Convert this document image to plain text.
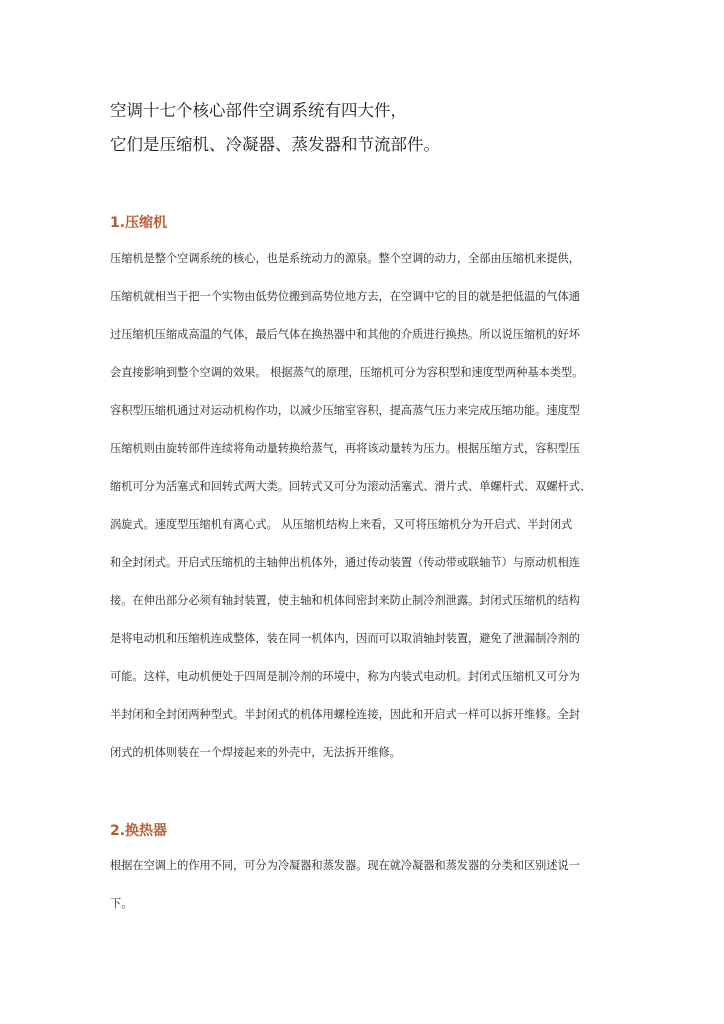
空调十七个核心部件空调系统有四大件，
它们是压缩机、冷凝器、蒸发器和节流部件。
1.压缩机
压缩机是整个空调系统的核心，也是系统动力的源泉。整个空调的动力，全部由压缩机来提供，
压缩机就相当于把一个实物由低势位搬到高势位地方去，在空调中它的目的就是把低温的气体通
过压缩机压缩成高温的气体，最后气体在换热器中和其他的介质进行换热。所以说压缩机的好坏
会直接影响到整个空调的效果。 根据蒸气的原理，压缩机可分为容积型和速度型两种基本类型。
容积型压缩机通过对运动机构作功，以减少压缩室容积，提高蒸气压力来完成压缩功能。速度型
压缩机则由旋转部件连续将角动量转换给蒸气，再将该动量转为压力。根据压缩方式，容积型压
缩机可分为活塞式和回转式两大类。回转式又可分为滚动活塞式、滑片式、单螺杆式、双螺杆式、
涡旋式。速度型压缩机有离心式。 从压缩机结构上来看，又可将压缩机分为开启式、半封闭式
和全封闭式。开启式压缩机的主轴伸出机体外，通过传动装置（传动带或联轴节）与原动机相连
接。在伸出部分必须有轴封装置，使主轴和机体间密封来防止制冷剂泄露。封闭式压缩机的结构
是将电动机和压缩机连成整体，装在同一机体内，因而可以取消轴封装置，避免了泄漏制冷剂的
可能。这样，电动机便处于四周是制冷剂的环境中，称为内装式电动机。封闭式压缩机又可分为
半封闭和全封闭两种型式。半封闭式的机体用螺栓连接，因此和开启式一样可以拆开维修。全封
闭式的机体则装在一个焊接起来的外壳中，无法拆开维修。
2.换热器
根据在空调上的作用不同，可分为冷凝器和蒸发器。现在就冷凝器和蒸发器的分类和区别述说一
下。
